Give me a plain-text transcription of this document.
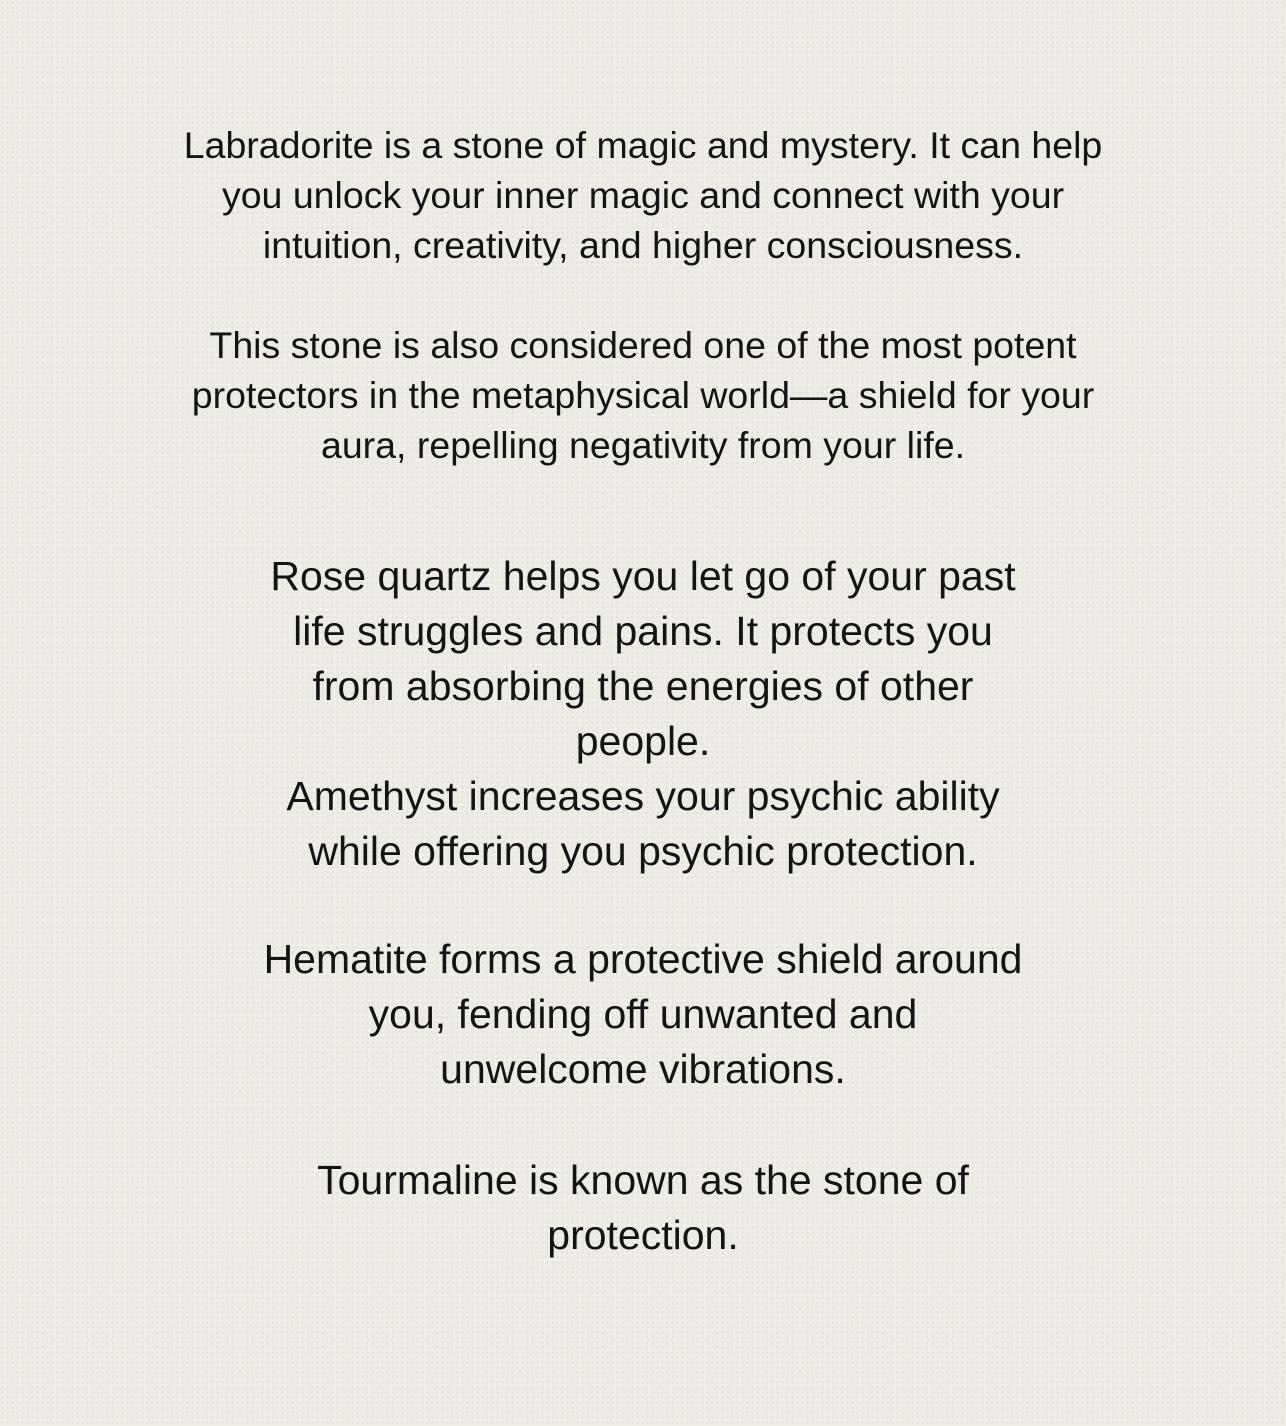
Labradorite is a stone of magic and mystery. It can help
you unlock your inner magic and connect with your
intuition, creativity, and higher consciousness.

This stone is also considered one of the most potent
protectors in the metaphysical world—a shield for your
aura, repelling negativity from your life.

Rose quartz helps you let go of your past
life struggles and pains. It protects you
from absorbing the energies of other
people.

Amethyst increases your psychic ability
while offering you psychic protection.

Hematite forms a protective shield around
you, fending off unwanted and
unwelcome vibrations.

Tourmaline is known as the stone of
protection.
